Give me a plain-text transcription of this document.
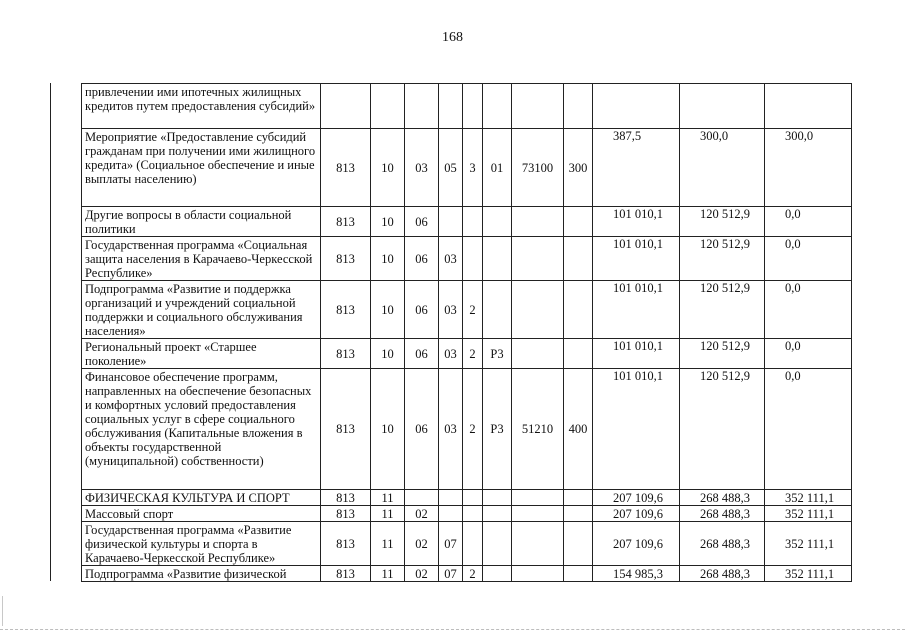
168
привлечении ими ипотечных жилищных кредитов путем предоставления субсидий»											
Мероприятие «Предоставление субсидий гражданам при получении ими жилищного кредита» (Социальное обеспечение и иные выплаты населению)	813	10	03	05	3	01	73100	300	387,5	300,0	300,0
Другие вопросы в области социальной политики	813	10	06						101 010,1	120 512,9	0,0
Государственная программа «Социальная защита населения в Карачаево-Черкесской Республике»	813	10	06	03					101 010,1	120 512,9	0,0
Подпрограмма «Развитие и поддержка организаций и учреждений социальной поддержки и социального обслуживания населения»	813	10	06	03	2				101 010,1	120 512,9	0,0
Региональный проект «Старшее поколение»	813	10	06	03	2	P3			101 010,1	120 512,9	0,0
Финансовое обеспечение программ, направленных на обеспечение безопасных и комфортных условий предоставления социальных услуг в сфере социального обслуживания (Капитальные вложения в объекты государственной (муниципальной) собственности)	813	10	06	03	2	P3	51210	400	101 010,1	120 512,9	0,0
ФИЗИЧЕСКАЯ КУЛЬТУРА И СПОРТ	813	11							207 109,6	268 488,3	352 111,1
Массовый спорт	813	11	02						207 109,6	268 488,3	352 111,1
Государственная программа «Развитие физической культуры и спорта в Карачаево-Черкесской Республике»	813	11	02	07					207 109,6	268 488,3	352 111,1
Подпрограмма «Развитие физической	813	11	02	07	2				154 985,3	268 488,3	352 111,1
